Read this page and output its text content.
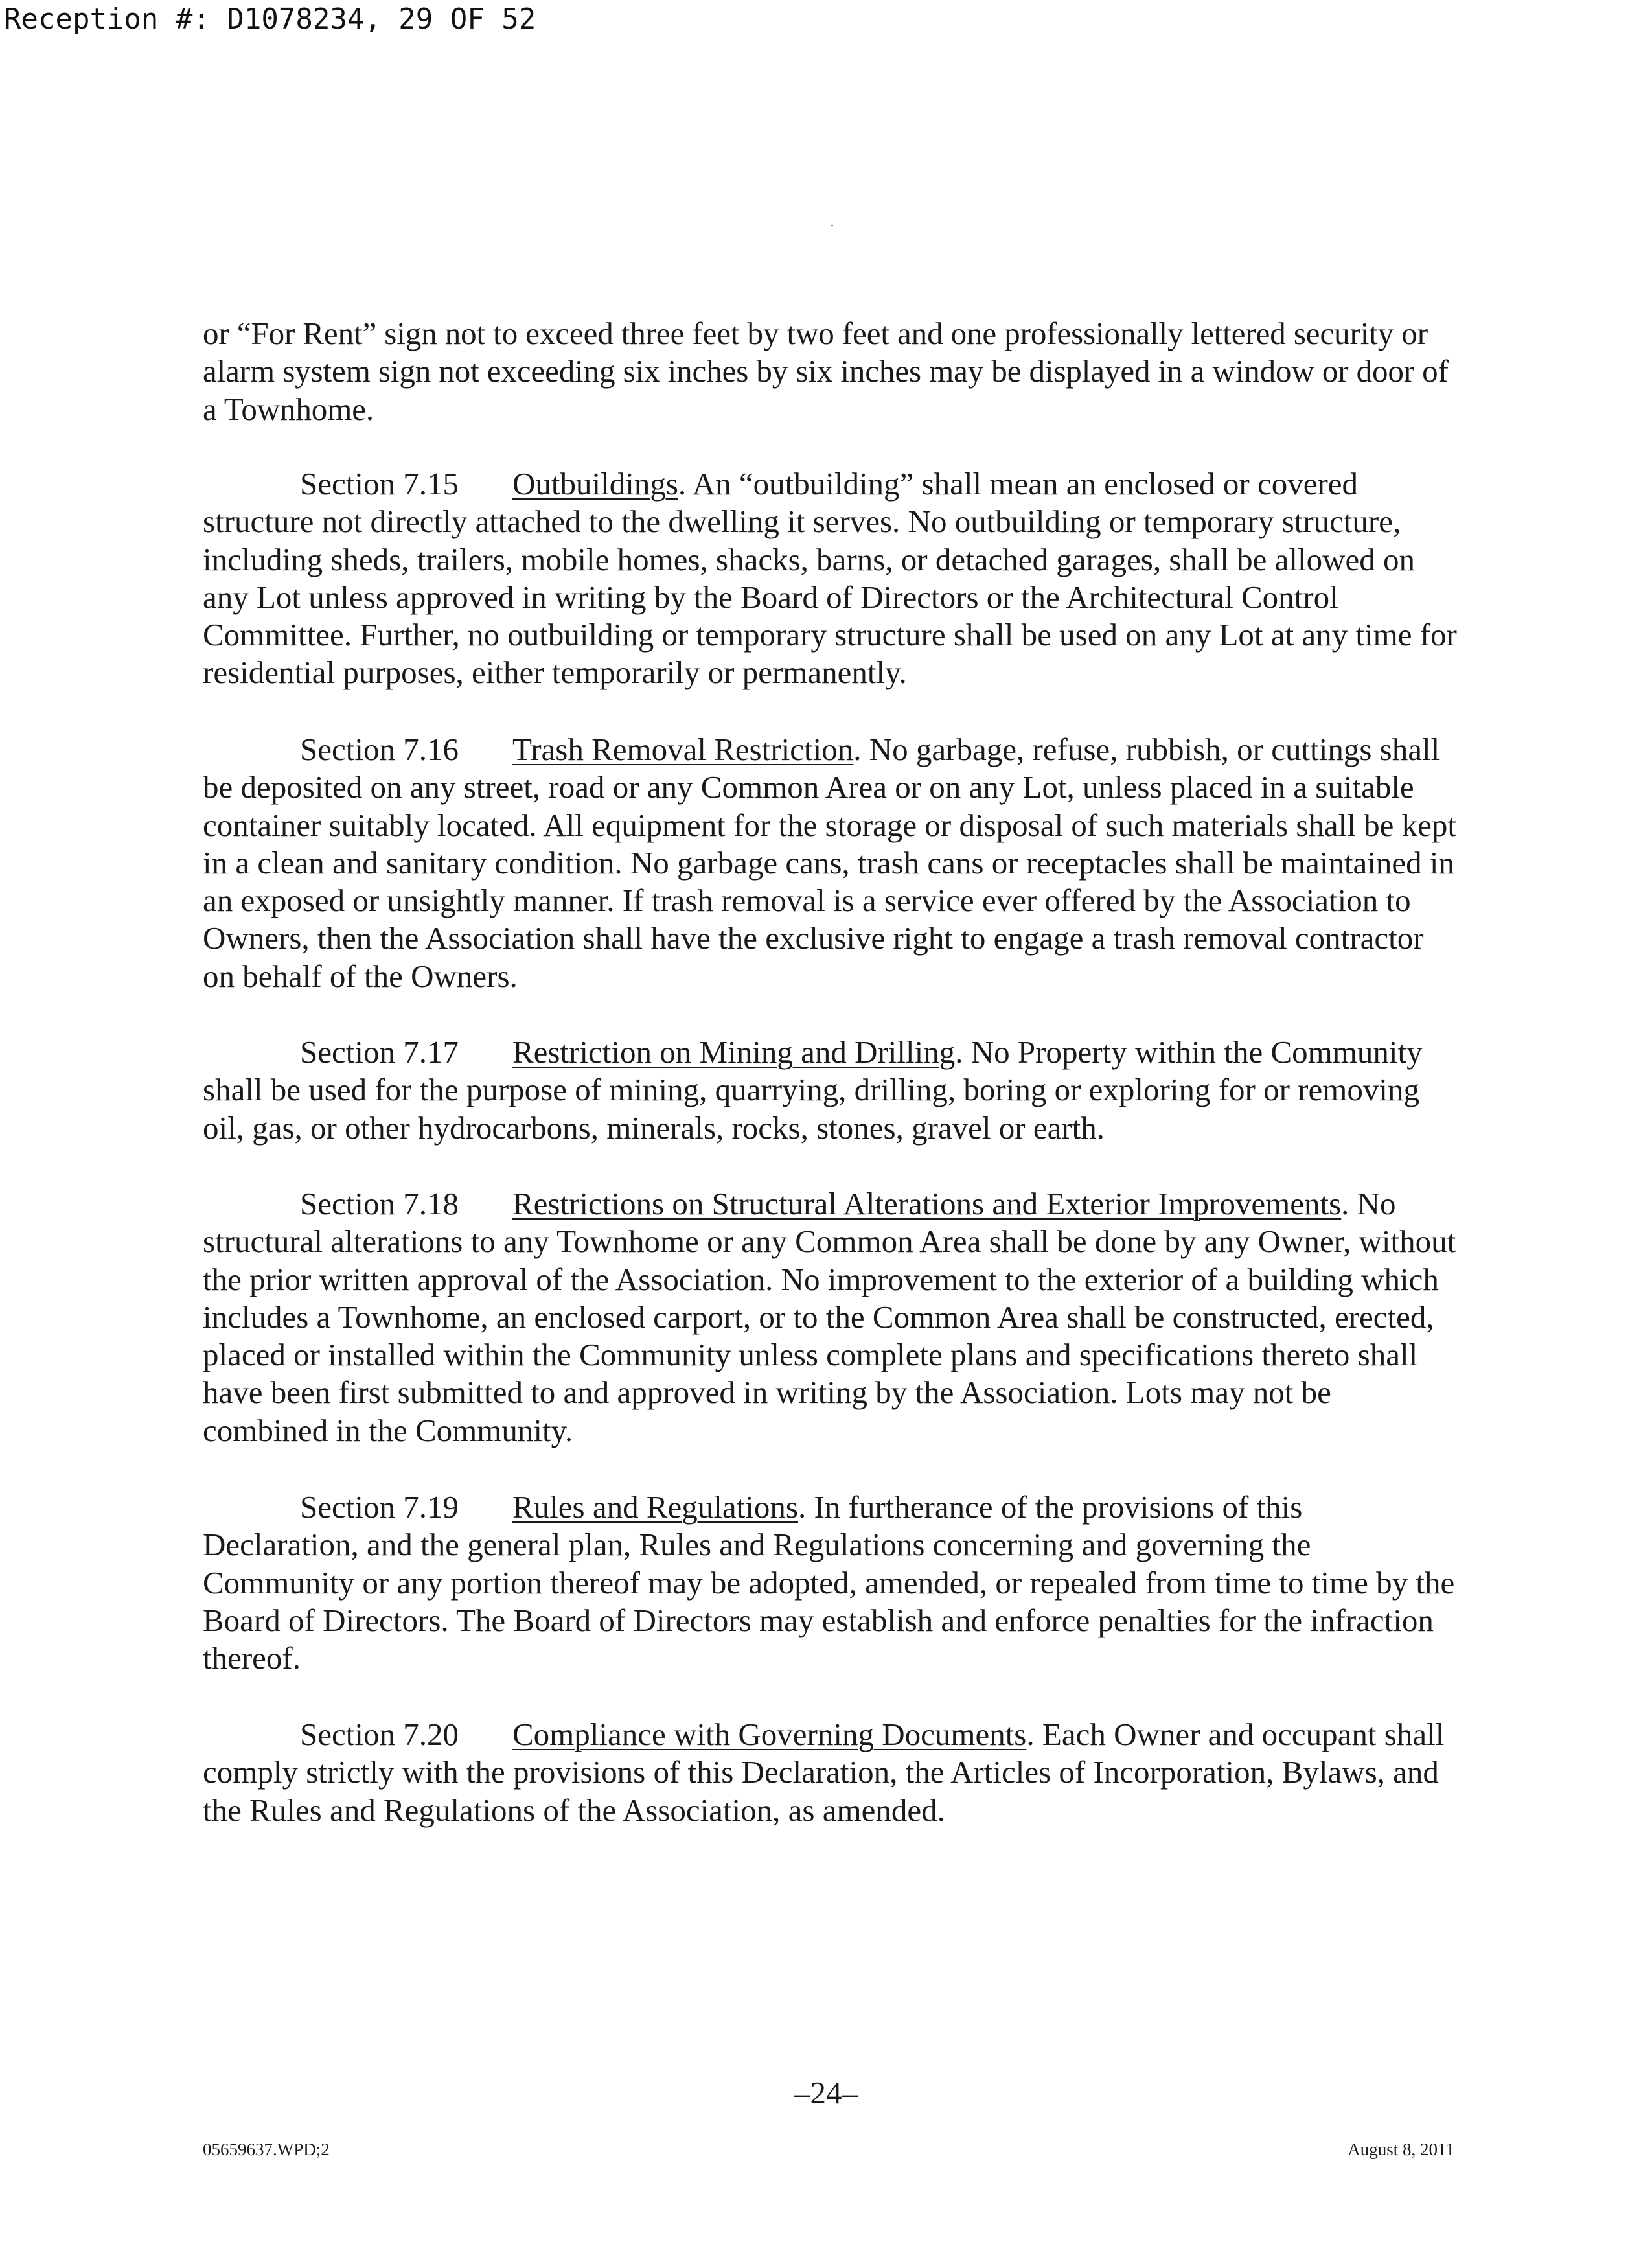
Reception #: D1078234, 29 OF 52

or “For Rent” sign not to exceed three feet by two feet and one professionally lettered security or alarm system sign not exceeding six inches by six inches may be displayed in a window or door of a Townhome.

Section 7.15 Outbuildings. An “outbuilding” shall mean an enclosed or covered structure not directly attached to the dwelling it serves. No outbuilding or temporary structure, including sheds, trailers, mobile homes, shacks, barns, or detached garages, shall be allowed on any Lot unless approved in writing by the Board of Directors or the Architectural Control Committee. Further, no outbuilding or temporary structure shall be used on any Lot at any time for residential purposes, either temporarily or permanently.

Section 7.16 Trash Removal Restriction. No garbage, refuse, rubbish, or cuttings shall be deposited on any street, road or any Common Area or on any Lot, unless placed in a suitable container suitably located. All equipment for the storage or disposal of such materials shall be kept in a clean and sanitary condition. No garbage cans, trash cans or receptacles shall be maintained in an exposed or unsightly manner. If trash removal is a service ever offered by the Association to Owners, then the Association shall have the exclusive right to engage a trash removal contractor on behalf of the Owners.

Section 7.17 Restriction on Mining and Drilling. No Property within the Community shall be used for the purpose of mining, quarrying, drilling, boring or exploring for or removing oil, gas, or other hydrocarbons, minerals, rocks, stones, gravel or earth.

Section 7.18 Restrictions on Structural Alterations and Exterior Improvements. No structural alterations to any Townhome or any Common Area shall be done by any Owner, without the prior written approval of the Association. No improvement to the exterior of a building which includes a Townhome, an enclosed carport, or to the Common Area shall be constructed, erected, placed or installed within the Community unless complete plans and specifications thereto shall have been first submitted to and approved in writing by the Association. Lots may not be combined in the Community.

Section 7.19 Rules and Regulations. In furtherance of the provisions of this Declaration, and the general plan, Rules and Regulations concerning and governing the Community or any portion thereof may be adopted, amended, or repealed from time to time by the Board of Directors. The Board of Directors may establish and enforce penalties for the infraction thereof.

Section 7.20 Compliance with Governing Documents. Each Owner and occupant shall comply strictly with the provisions of this Declaration, the Articles of Incorporation, Bylaws, and the Rules and Regulations of the Association, as amended.

–24–
05659637.WPD;2	August 8, 2011
